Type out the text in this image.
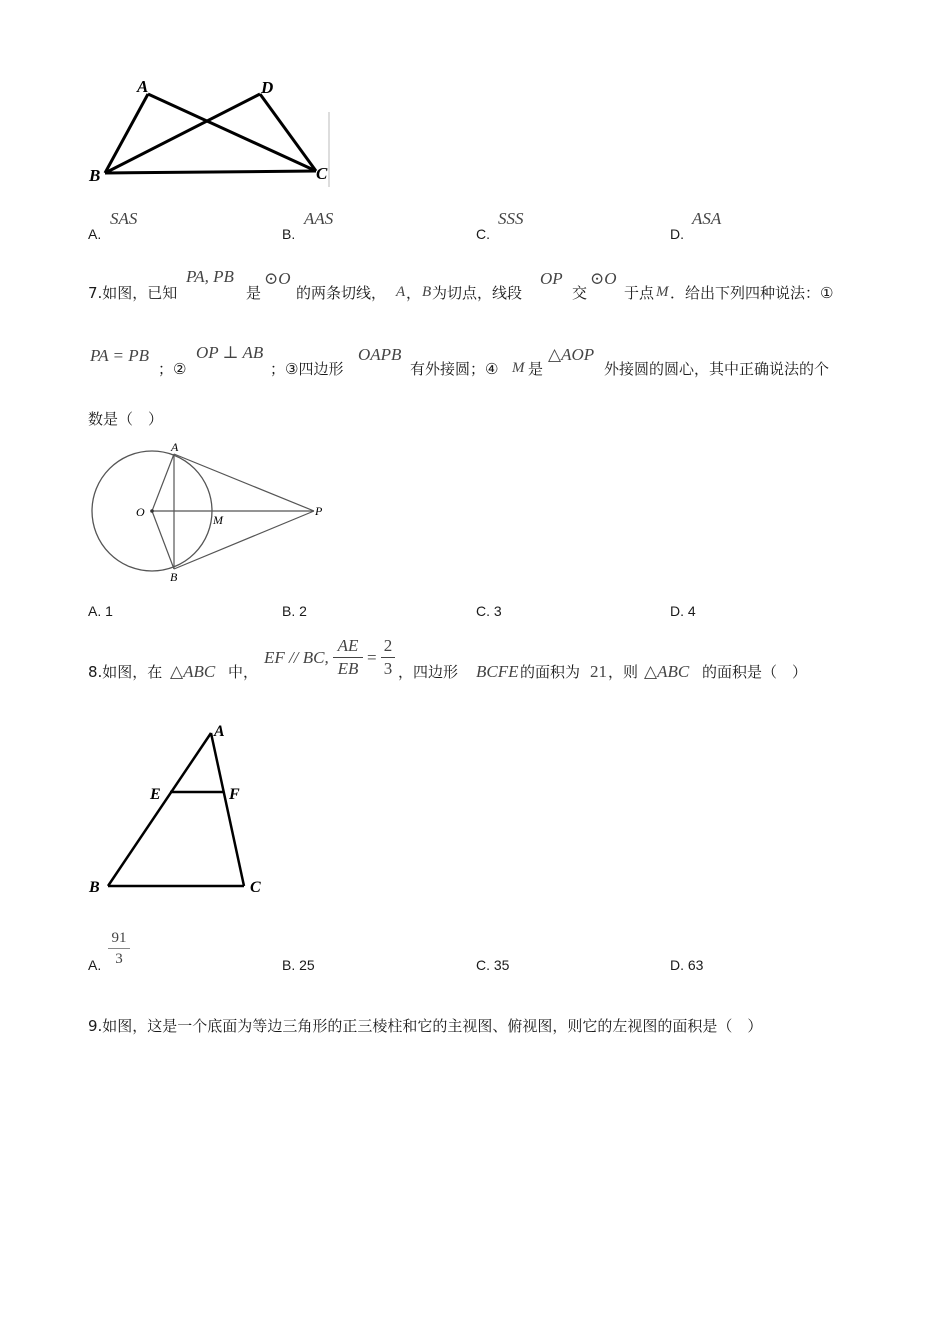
A	D
B	C
A.
SAS
B.
AAS
C.
SSS
D.
ASA
7.如图，已知
PA, PB
是
⊙O
的两条切线， A ， B 为切点，线段
OP
交
⊙O
于点 M ．给出下列四种说法：①
PA = PB
；②
OP ⊥ AB
；③四边形
OAPB
有外接圆；④ M 是
△AOP
外接圆的圆心，其中正确说法的个
数是（　）
A
B
O
M
P
A. 1	B. 2	C. 3	D. 4
8.如图，在 △ABC 中，
EF // BC,
AE
EB
=
2
3 ，四边形 BCFE 的面积为 21 ，则 △ABC 的面积是（　）
A
E	F
B	C
A.
91
3	B. 25	C. 35	D. 63
9.如图，这是一个底面为等边三角形的正三棱柱和它的主视图、俯视图，则它的左视图的面积是（　）
